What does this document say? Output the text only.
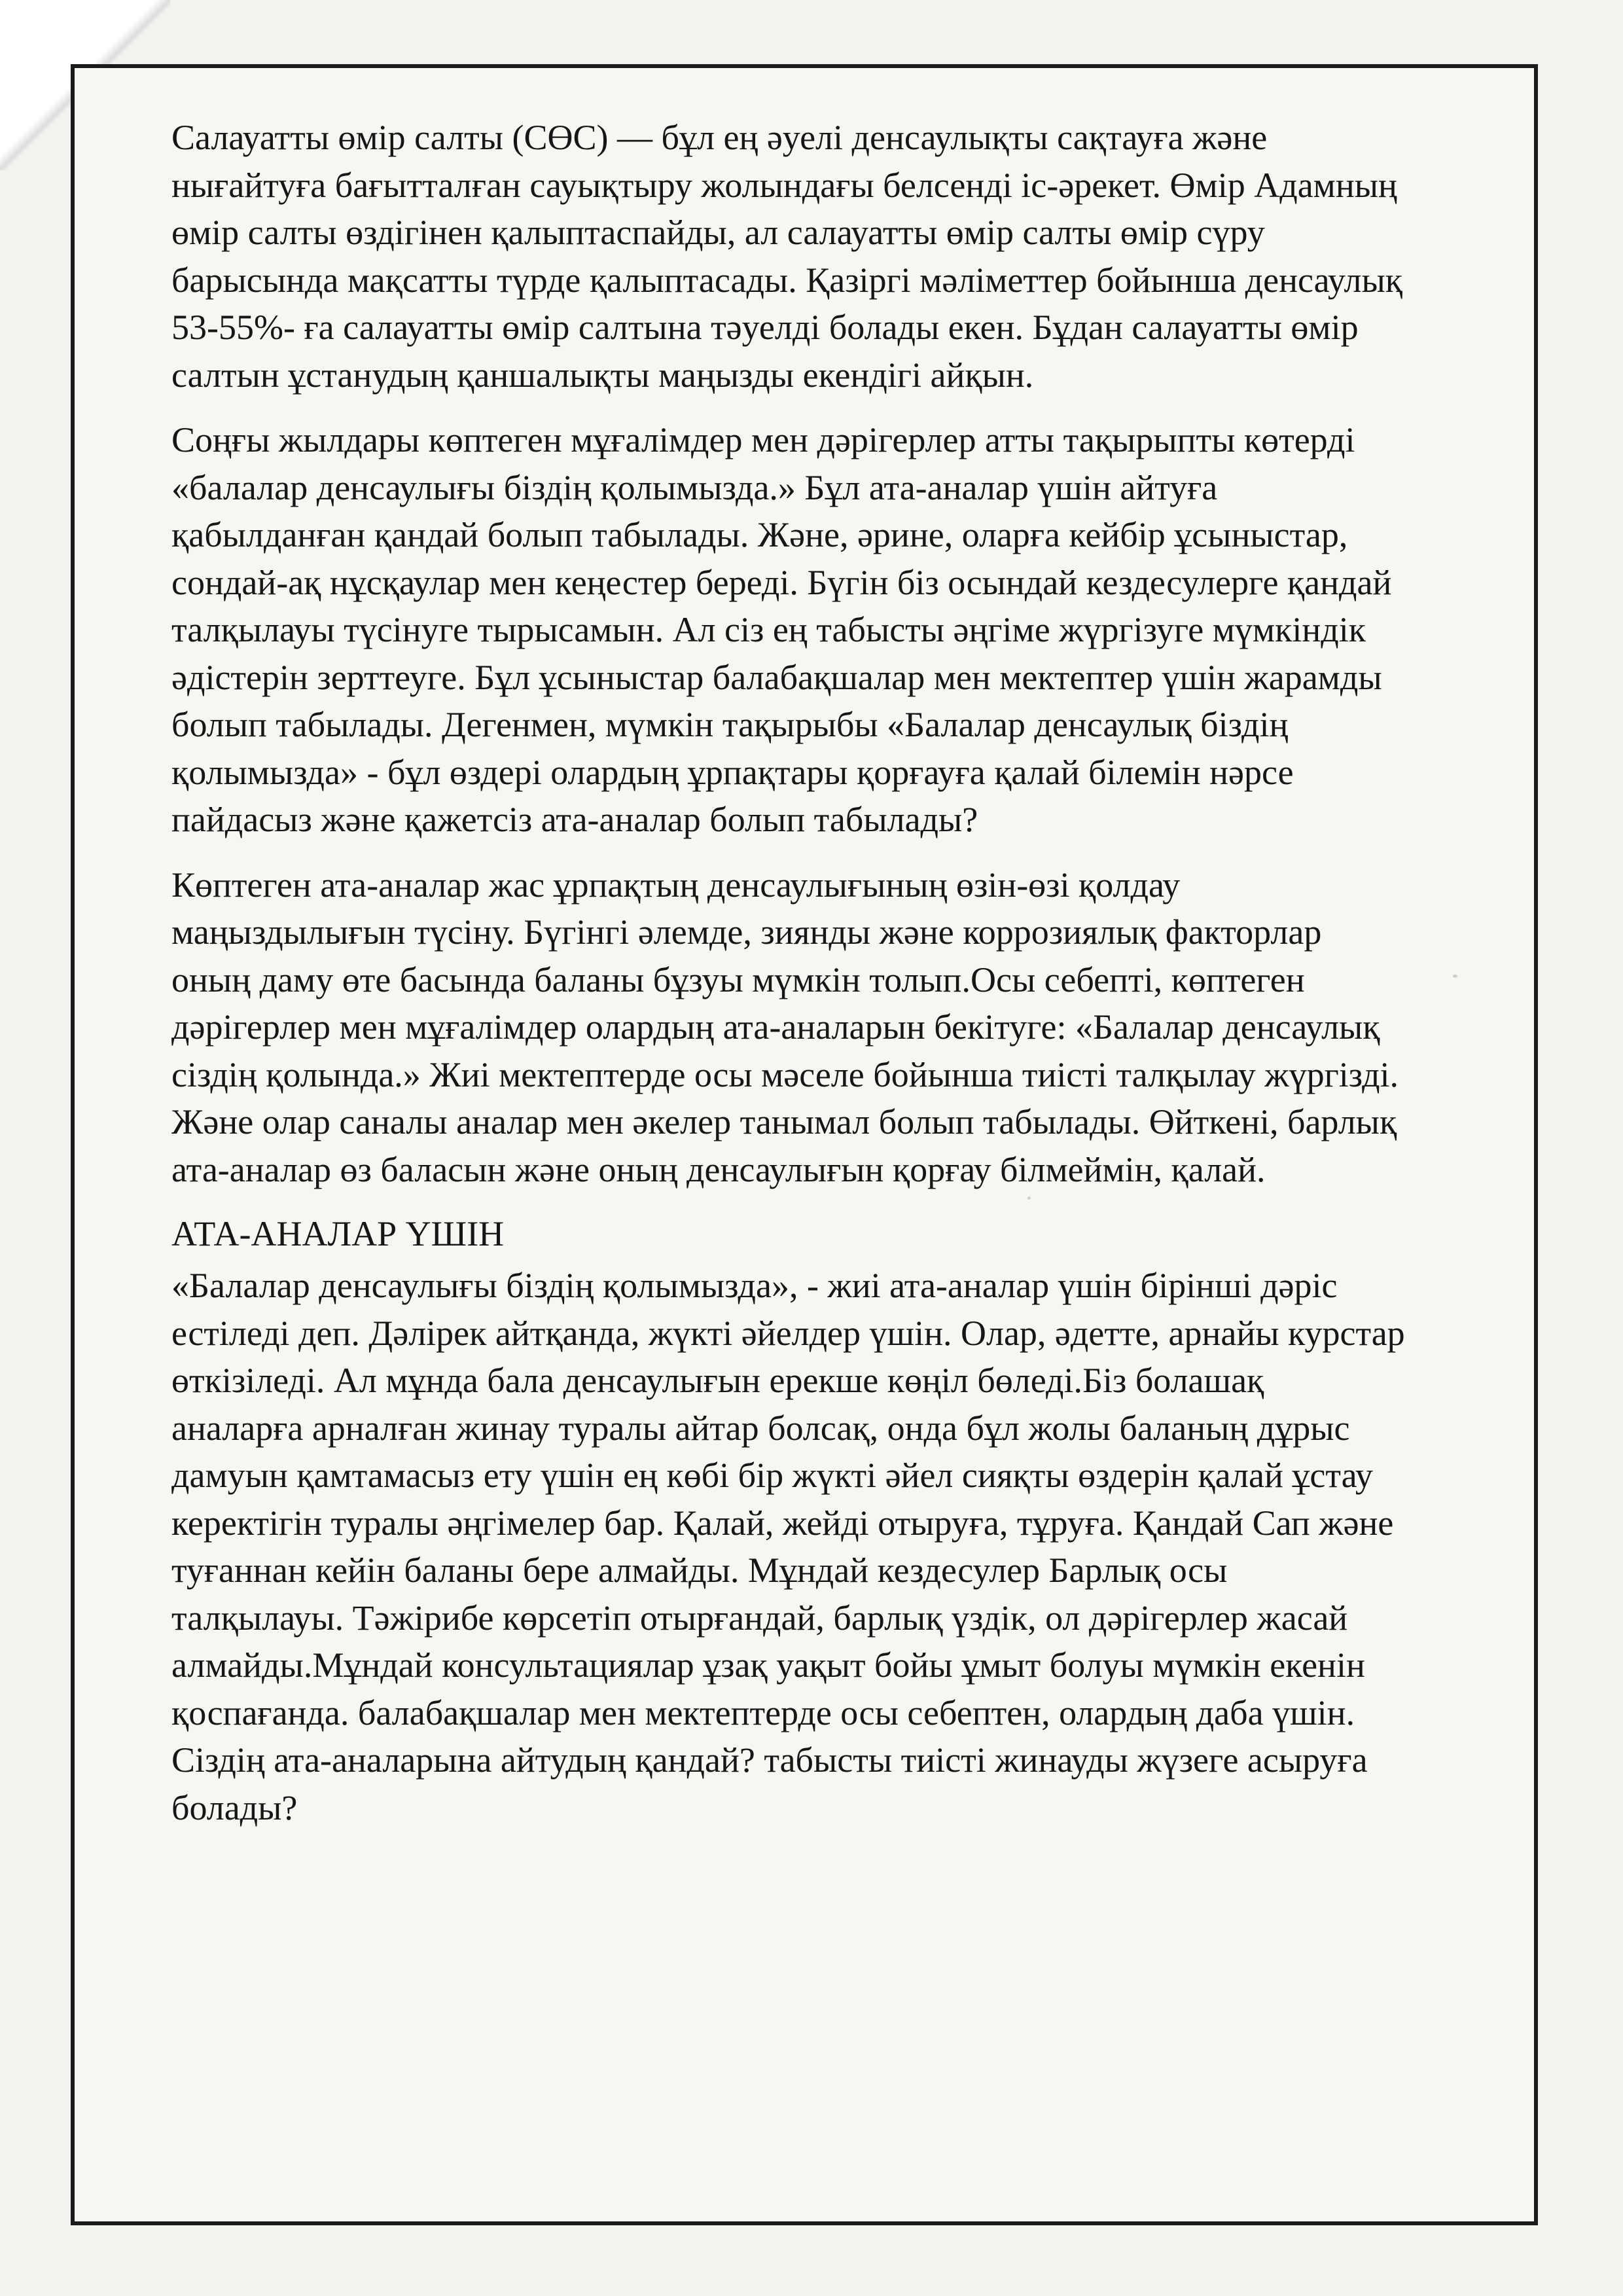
Салауатты өмір салты (СӨС) — бұл ең әуелі денсаулықты сақтауға және
нығайтуға бағытталған сауықтыру жолындағы белсенді іс-әрекет. Өмір Адамның
өмір салты өздігінен қалыптаспайды, ал салауатты өмір салты өмір сүру
барысында мақсатты түрде қалыптасады. Қазіргі мәліметтер бойынша денсаулық
53-55%- ға салауатты өмір салтына тәуелді болады екен. Бұдан салауатты өмір
салтын ұстанудың қаншалықты маңызды екендігі айқын.

Соңғы жылдары көптеген мұғалімдер мен дәрігерлер атты тақырыпты көтерді
«балалар денсаулығы біздің қолымызда.» Бұл ата-аналар үшін айтуға
қабылданған қандай болып табылады. Және, әрине, оларға кейбір ұсыныстар,
сондай-ақ нұсқаулар мен кеңестер береді. Бүгін біз осындай кездесулерге қандай
талқылауы түсінуге тырысамын. Ал сіз ең табысты әңгіме жүргізуге мүмкіндік
әдістерін зерттеуге. Бұл ұсыныстар балабақшалар мен мектептер үшін жарамды
болып табылады. Дегенмен, мүмкін тақырыбы «Балалар денсаулық біздің
қолымызда» - бұл өздері олардың ұрпақтары қорғауға қалай білемін нәрсе
пайдасыз және қажетсіз ата-аналар болып табылады?

Көптеген ата-аналар жас ұрпақтың денсаулығының өзін-өзі қолдау
маңыздылығын түсіну. Бүгінгі әлемде, зиянды және коррозиялық факторлар
оның даму өте басында баланы бұзуы мүмкін толып.Осы себепті, көптеген
дәрігерлер мен мұғалімдер олардың ата-аналарын бекітуге: «Балалар денсаулық
сіздің қолында.» Жиі мектептерде осы мәселе бойынша тиісті талқылау жүргізді.
Және олар саналы аналар мен әкелер танымал болып табылады. Өйткені, барлық
ата-аналар өз баласын және оның денсаулығын қорғау білмеймін, қалай.

АТА-АНАЛАР ҮШІН

«Балалар денсаулығы біздің қолымызда», - жиі ата-аналар үшін бірінші дәріс
естіледі деп. Дәлірек айтқанда, жүкті әйелдер үшін. Олар, әдетте, арнайы курстар
өткізіледі. Ал мұнда бала денсаулығын ерекше көңіл бөледі.Біз болашақ
аналарға арналған жинау туралы айтар болсақ, онда бұл жолы баланың дұрыс
дамуын қамтамасыз ету үшін ең көбі бір жүкті әйел сияқты өздерін қалай ұстау
керектігін туралы әңгімелер бар. Қалай, жейді отыруға, тұруға. Қандай Сап және
туғаннан кейін баланы бере алмайды. Мұндай кездесулер Барлық осы
талқылауы. Тәжірибе көрсетіп отырғандай, барлық үздік, ол дәрігерлер жасай
алмайды.Мұндай консультациялар ұзақ уақыт бойы ұмыт болуы мүмкін екенін
қоспағанда. балабақшалар мен мектептерде осы себептен, олардың даба үшін.
Сіздің ата-аналарына айтудың қандай? табысты тиісті жинауды жүзеге асыруға
болады?
